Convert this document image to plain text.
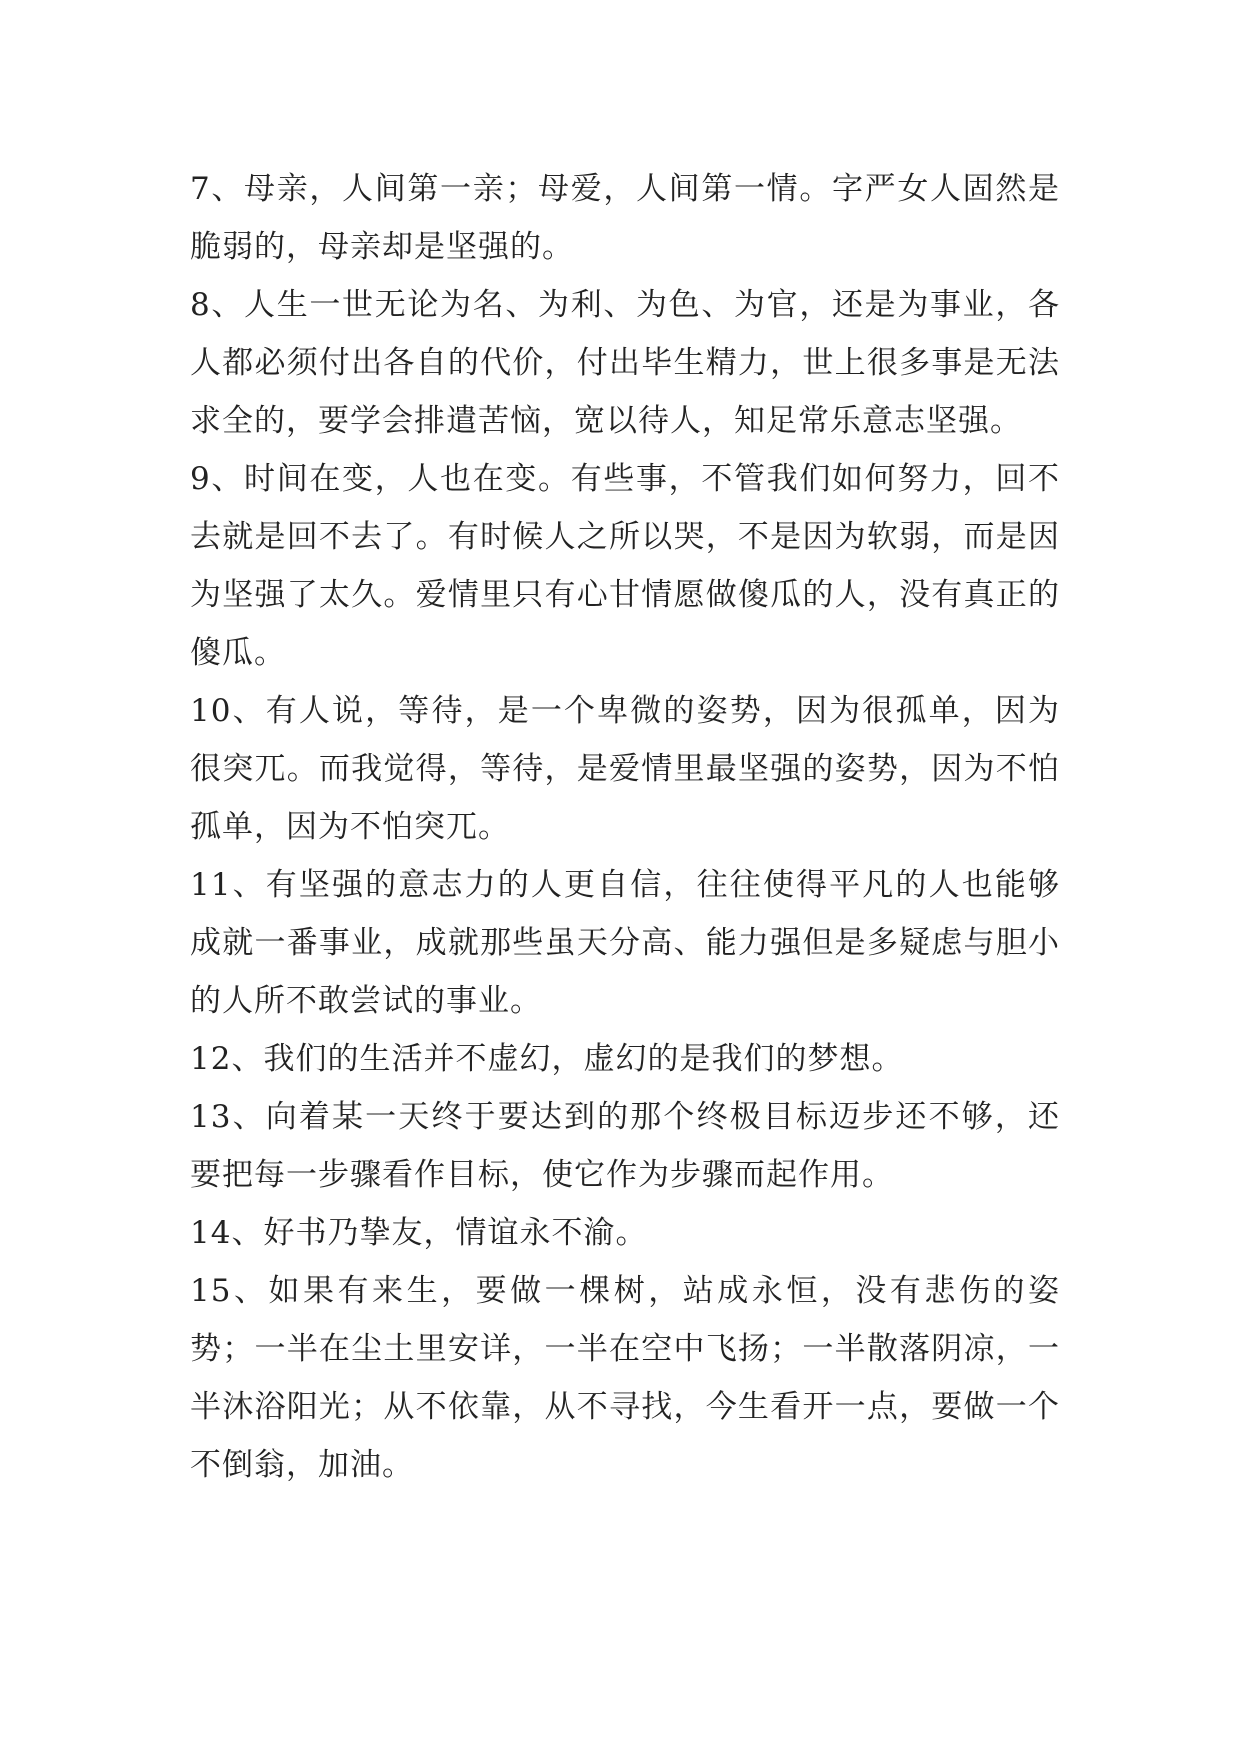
7、母亲，人间第一亲；母爱，人间第一情。字严女人固然是脆弱的，母亲却是坚强的。

8、人生一世无论为名、为利、为色、为官，还是为事业，各人都必须付出各自的代价，付出毕生精力，世上很多事是无法求全的，要学会排遣苦恼，宽以待人，知足常乐意志坚强。

9、时间在变，人也在变。有些事，不管我们如何努力，回不去就是回不去了。有时候人之所以哭，不是因为软弱，而是因为坚强了太久。爱情里只有心甘情愿做傻瓜的人，没有真正的傻瓜。

10、有人说，等待，是一个卑微的姿势，因为很孤单，因为很突兀。而我觉得，等待，是爱情里最坚强的姿势，因为不怕孤单，因为不怕突兀。

11、有坚强的意志力的人更自信，往往使得平凡的人也能够成就一番事业，成就那些虽天分高、能力强但是多疑虑与胆小的人所不敢尝试的事业。

12、我们的生活并不虚幻，虚幻的是我们的梦想。

13、向着某一天终于要达到的那个终极目标迈步还不够，还要把每一步骤看作目标，使它作为步骤而起作用。

14、好书乃挚友，情谊永不渝。

15、如果有来生，要做一棵树，站成永恒，没有悲伤的姿势；一半在尘土里安详，一半在空中飞扬；一半散落阴凉，一半沐浴阳光；从不依靠，从不寻找，今生看开一点，要做一个不倒翁，加油。
